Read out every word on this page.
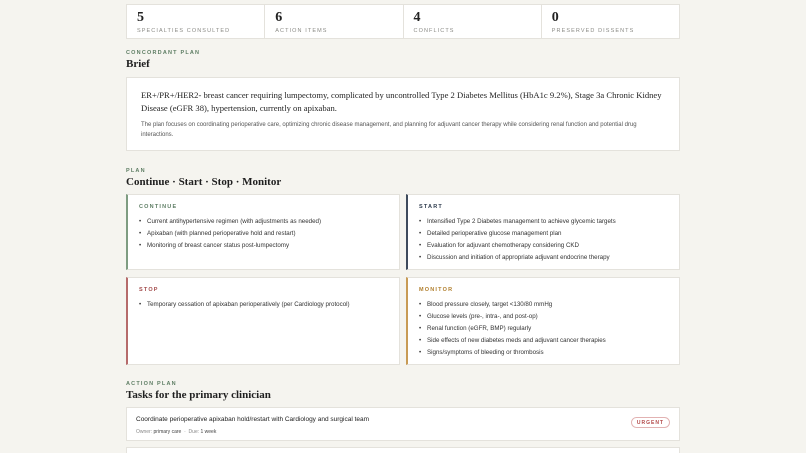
5
SPECIALTIES CONSULTED
6
ACTION ITEMS
4
CONFLICTS
0
PRESERVED DISSENTS
CONCORDANT PLAN
Brief
ER+/PR+/HER2- breast cancer requiring lumpectomy, complicated by uncontrolled Type 2 Diabetes Mellitus (HbA1c 9.2%), Stage 3a Chronic Kidney Disease (eGFR 38), hypertension, currently on apixaban.
The plan focuses on coordinating perioperative care, optimizing chronic disease management, and planning for adjuvant cancer therapy while considering renal function and potential drug interactions.
PLAN
Continue · Start · Stop · Monitor
CONTINUE
• Current antihypertensive regimen (with adjustments as needed)
• Apixaban (with planned perioperative hold and restart)
• Monitoring of breast cancer status post-lumpectomy
START
• Intensified Type 2 Diabetes management to achieve glycemic targets
• Detailed perioperative glucose management plan
• Evaluation for adjuvant chemotherapy considering CKD
• Discussion and initiation of appropriate adjuvant endocrine therapy
STOP
• Temporary cessation of apixaban perioperatively (per Cardiology protocol)
MONITOR
• Blood pressure closely, target <130/80 mmHg
• Glucose levels (pre-, intra-, and post-op)
• Renal function (eGFR, BMP) regularly
• Side effects of new diabetes meds and adjuvant cancer therapies
• Signs/symptoms of bleeding or thrombosis
ACTION PLAN
Tasks for the primary clinician
Coordinate perioperative apixaban hold/restart with Cardiology and surgical team
Owner: primary care  ·  Due: 1 week
URGENT
